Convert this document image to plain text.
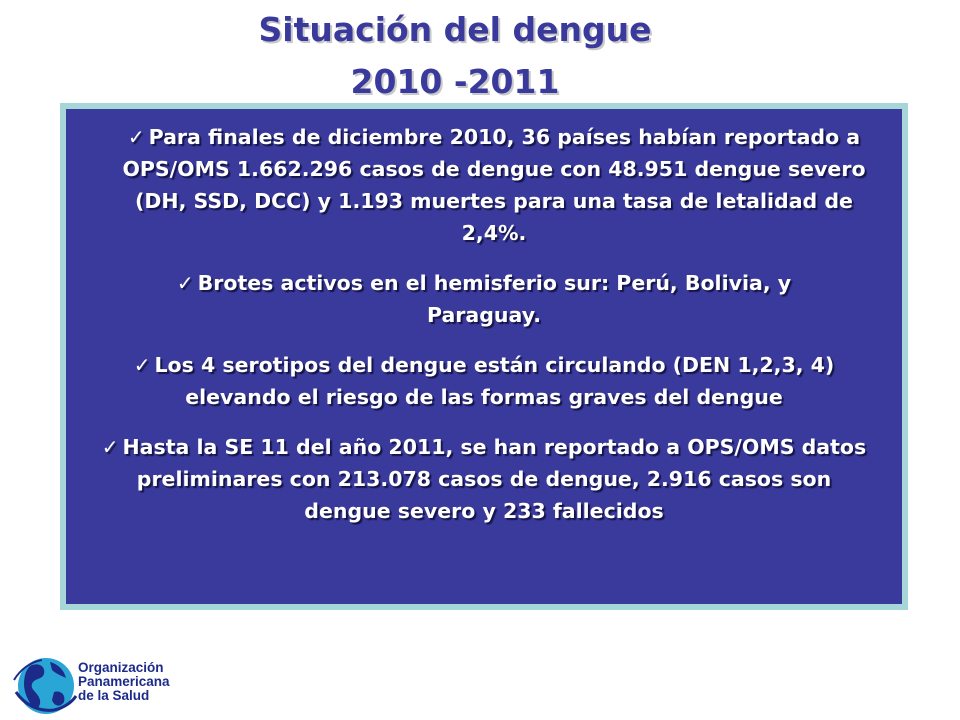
Situación del dengue
2010 -2011
✓ Para finales de diciembre 2010, 36 países habían reportado a OPS/OMS 1.662.296 casos de dengue con 48.951 dengue severo (DH, SSD, DCC) y 1.193 muertes para una tasa de letalidad de 2,4%.
✓ Brotes activos en el hemisferio sur: Perú, Bolivia, y Paraguay.
✓ Los 4 serotipos del dengue están circulando (DEN 1,2,3, 4) elevando el riesgo de las formas graves del dengue
✓ Hasta la SE 11 del año 2011, se han reportado a OPS/OMS datos preliminares con 213.078 casos de dengue, 2.916 casos son dengue severo y 233 fallecidos
Organización
Panamericana
de la Salud
